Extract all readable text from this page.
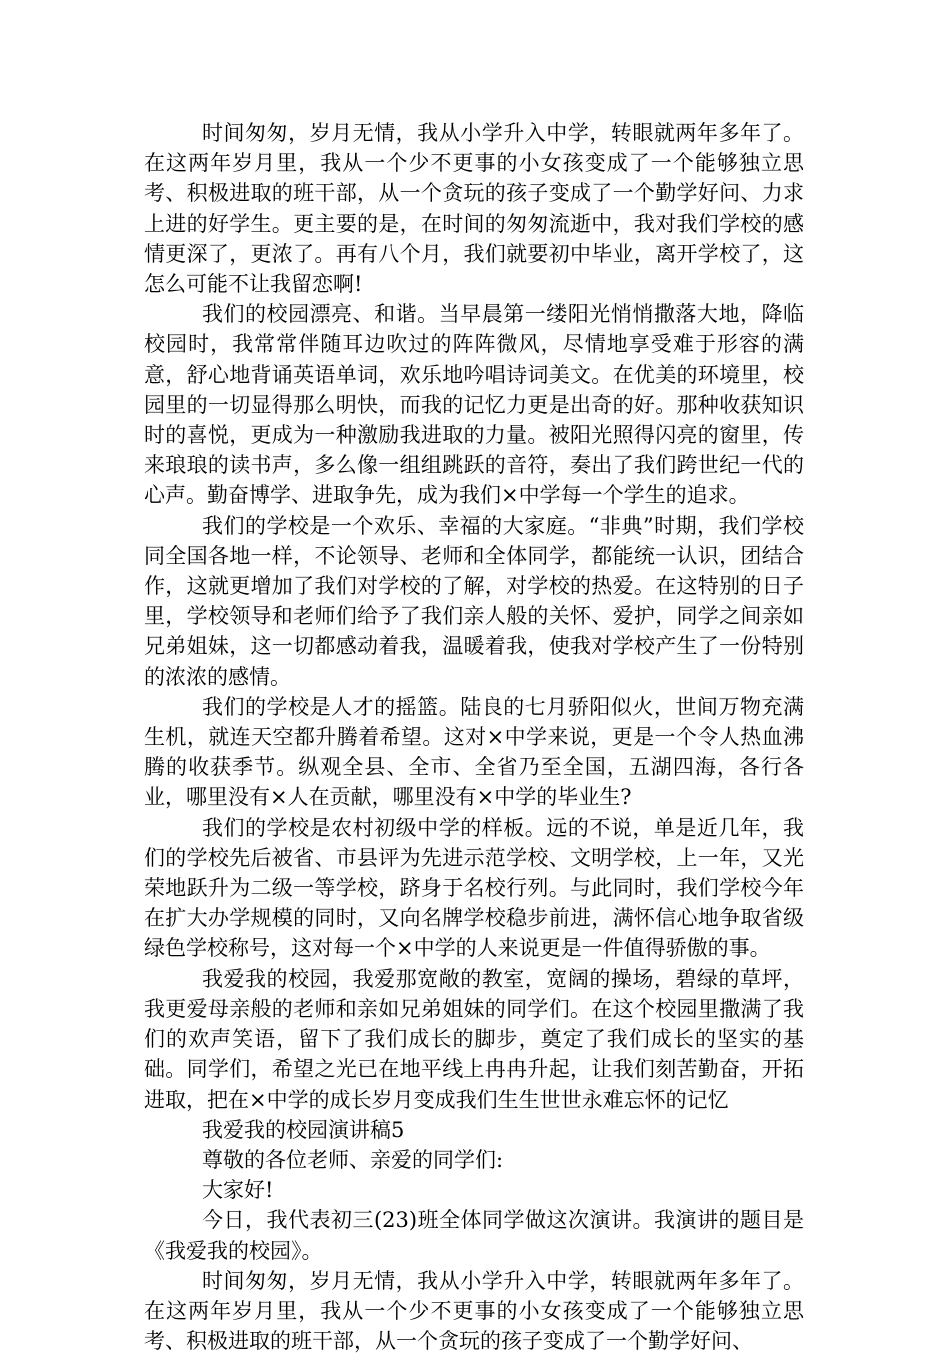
时间匆匆，岁月无情，我从小学升入中学，转眼就两年多年了。在这两年岁月里，我从一个少不更事的小女孩变成了一个能够独立思考、积极进取的班干部，从一个贪玩的孩子变成了一个勤学好问、力求上进的好学生。更主要的是，在时间的匆匆流逝中，我对我们学校的感情更深了，更浓了。再有八个月，我们就要初中毕业，离开学校了，这怎么可能不让我留恋啊!

我们的校园漂亮、和谐。当早晨第一缕阳光悄悄撒落大地，降临校园时，我常常伴随耳边吹过的阵阵微风，尽情地享受难于形容的满意，舒心地背诵英语单词，欢乐地吟唱诗词美文。在优美的环境里，校园里的一切显得那么明快，而我的记忆力更是出奇的好。那种收获知识时的喜悦，更成为一种激励我进取的力量。被阳光照得闪亮的窗里，传来琅琅的读书声，多么像一组组跳跃的音符，奏出了我们跨世纪一代的心声。勤奋博学、进取争先，成为我们×中学每一个学生的追求。

我们的学校是一个欢乐、幸福的大家庭。“非典”时期，我们学校同全国各地一样，不论领导、老师和全体同学，都能统一认识，团结合作，这就更增加了我们对学校的了解，对学校的热爱。在这特别的日子里，学校领导和老师们给予了我们亲人般的关怀、爱护，同学之间亲如兄弟姐妹，这一切都感动着我，温暖着我，使我对学校产生了一份特别的浓浓的感情。

我们的学校是人才的摇篮。陆良的七月骄阳似火，世间万物充满生机，就连天空都升腾着希望。这对×中学来说，更是一个令人热血沸腾的收获季节。纵观全县、全市、全省乃至全国，五湖四海，各行各业，哪里没有×人在贡献，哪里没有×中学的毕业生?

我们的学校是农村初级中学的样板。远的不说，单是近几年，我们的学校先后被省、市县评为先进示范学校、文明学校，上一年，又光荣地跃升为二级一等学校，跻身于名校行列。与此同时，我们学校今年在扩大办学规模的同时，又向名牌学校稳步前进，满怀信心地争取省级绿色学校称号，这对每一个×中学的人来说更是一件值得骄傲的事。

我爱我的校园，我爱那宽敞的教室，宽阔的操场，碧绿的草坪，我更爱母亲般的老师和亲如兄弟姐妹的同学们。在这个校园里撒满了我们的欢声笑语，留下了我们成长的脚步，奠定了我们成长的坚实的基础。同学们，希望之光已在地平线上冉冉升起，让我们刻苦勤奋，开拓进取，把在×中学的成长岁月变成我们生生世世永难忘怀的记忆

我爱我的校园演讲稿5

尊敬的各位老师、亲爱的同学们:

大家好!

今日，我代表初三(23)班全体同学做这次演讲。我演讲的题目是《我爱我的校园》。

时间匆匆，岁月无情，我从小学升入中学，转眼就两年多年了。在这两年岁月里，我从一个少不更事的小女孩变成了一个能够独立思考、积极进取的班干部，从一个贪玩的孩子变成了一个勤学好问、
